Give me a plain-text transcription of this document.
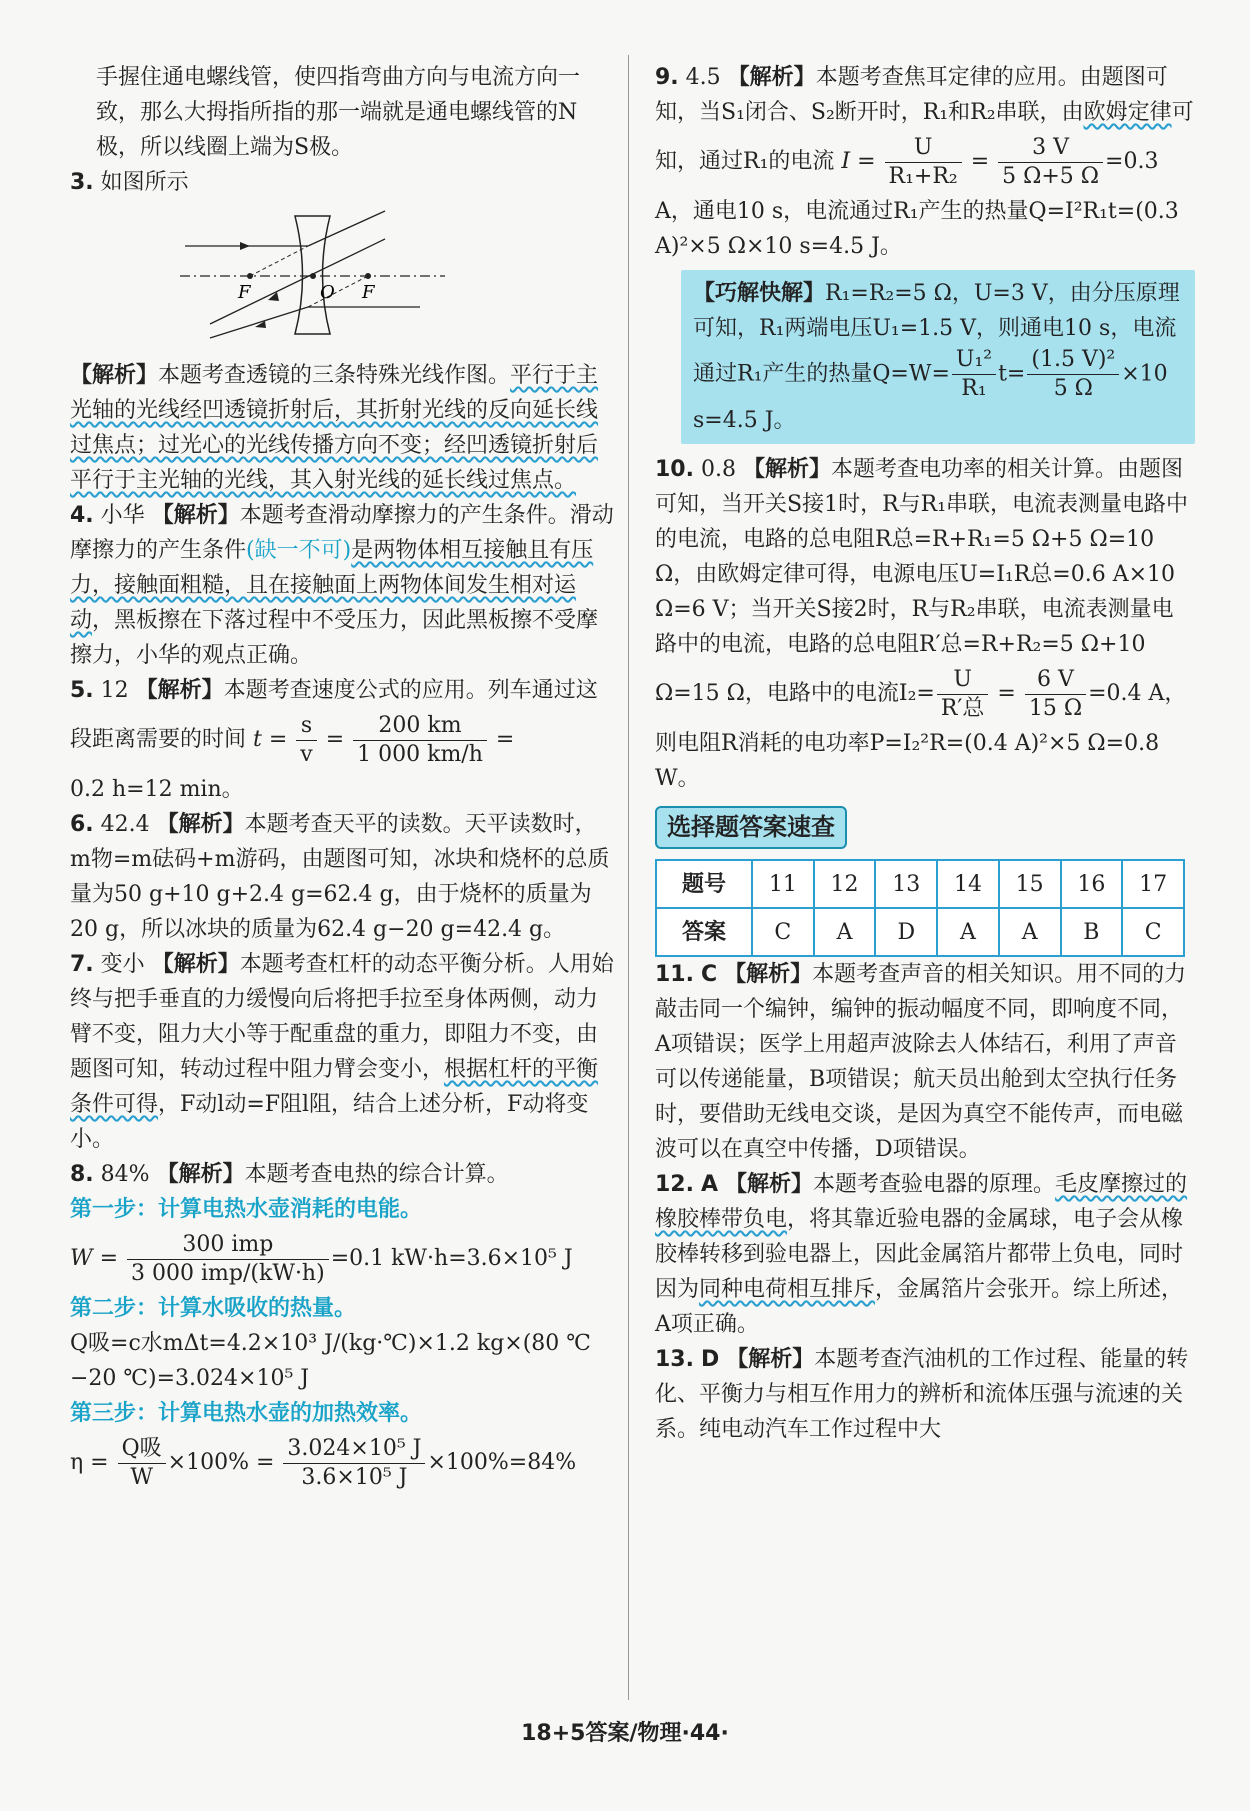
手握住通电螺线管，使四指弯曲方向与电流方向一致，那么大拇指所指的那一端就是通电螺线管的N极，所以线圈上端为S极。

3. 如图所示
F	O F

【解析】本题考查透镜的三条特殊光线作图。平行于主光轴的光线经凹透镜折射后，其折射光线的反向延长线过焦点；过光心的光线传播方向不变；经凹透镜折射后平行于主光轴的光线，其入射光线的延长线过焦点。

4. 小华 【解析】本题考查滑动摩擦力的产生条件。滑动摩擦力的产生条件(缺一不可)是两物体相互接触且有压力，接触面粗糙，且在接触面上两物体间发生相对运动，黑板擦在下落过程中不受压力，因此黑板擦不受摩擦力，小华的观点正确。

5. 12 【解析】本题考查速度公式的应用。列车通过这段距离需要的时间 $t = \frac{s}{v} = \frac{200 km}{1 000 km/h}$ =
0.2 h=12 min。

6. 42.4 【解析】本题考查天平的读数。天平读数时，m物=m砝码+m游码，由题图可知，冰块和烧杯的总质量为50 g+10 g+2.4 g=62.4 g，由于烧杯的质量为20 g，所以冰块的质量为62.4 g−20 g=42.4 g。

7. 变小 【解析】本题考查杠杆的动态平衡分析。人用始终与把手垂直的力缓慢向后将把手拉至身体两侧，动力臂不变，阻力大小等于配重盘的重力，即阻力不变，由题图可知，转动过程中阻力臂会变小，根据杠杆的平衡条件可得，F动l动=F阻l阻，结合上述分析，F动将变小。

8. 84% 【解析】本题考查电热的综合计算。
第一步：计算电热水壶消耗的电能。
$W = \frac{\text{300 imp}}{\text{3 000 imp/(kW·h)}} =0.1$ kW·h=3.6×10⁵ J
第二步：计算水吸收的热量。
Q吸=c水mΔt=4.2×10³ J/(kg·℃)×1.2 kg×(80 ℃−20 ℃)=3.024×10⁵ J
第三步：计算电热水壶的加热效率。
$\eta = \frac{\text{Q吸}}{W} \times 100\% = \frac{\text{3.024×10⁵ J}}{\text{3.6×10⁵ J}} \times 100\%=84\%$
9. 4.5 【解析】本题考查焦耳定律的应用。由题图可知，当S₁闭合、S₂断开时，R₁和R₂串联，由欧姆定律可知，通过R₁的电流 $I = \frac{U}{\text{R₁+R₂}} = \frac{3 V}{5 \Omega+5 \Omega} =0.3$ A，通电10 s，电流通过R₁产生的热量Q=I²R₁t=(0.3 A)²×5 Ω×10 s=4.5 J。
【巧解快解】R₁=R₂=5 Ω，U=3 V，由分压原理可知，R₁两端电压U₁=1.5 V，则通电10 s，电流通过R₁产生的热量$Q=W= \frac{\text{U₁²}}{\text{R₁}} t= \frac{\text{(1.5 V)²}}{5 \Omega} \times 10$ s=4.5 J。
10. 0.8 【解析】本题考查电功率的相关计算。由题图可知，当开关S接1时，R与R₁串联，电流表测量电路中的电流，电路的总电阻R总=R+R₁=5 Ω+5 Ω=10 Ω，由欧姆定律可得，电源电压U=I₁R总=0.6 A×10 Ω=6 V；当开关S接2时，R与R₂串联，电流表测量电路中的电流，电路的总电阻R′总=R+R₂=5 Ω+10 Ω=15 Ω，电路中的电流$I_2= \frac{U}{\text{R′总}} = \frac{6 V}{15 \Omega} =0.4$ A，则电阻R消耗的电功率P=I₂²R=(0.4 A)²×5 Ω=0.8 W。
选择题答案速查
题号	11	12	13	14	15	16	17
答案	C	A	D	A	A	B	C

11. C 【解析】本题考查声音的相关知识。用不同的力敲击同一个编钟，编钟的振动幅度不同，即响度不同，A项错误；医学上用超声波除去人体结石，利用了声音可以传递能量，B项错误；航天员出舱到太空执行任务时，要借助无线电交谈，是因为真空不能传声，而电磁波可以在真空中传播，D项错误。

12. A 【解析】本题考查验电器的原理。毛皮摩擦过的橡胶棒带负电，将其靠近验电器的金属球，电子会从橡胶棒转移到验电器上，因此金属箔片都带上负电，同时因为同种电荷相互排斥，金属箔片会张开。综上所述，A项正确。

13. D 【解析】本题考查汽油机的工作过程、能量的转化、平衡力与相互作用力的辨析和流体压强与流速的关系。纯电动汽车工作过程中大

18+5答案/物理·44·
